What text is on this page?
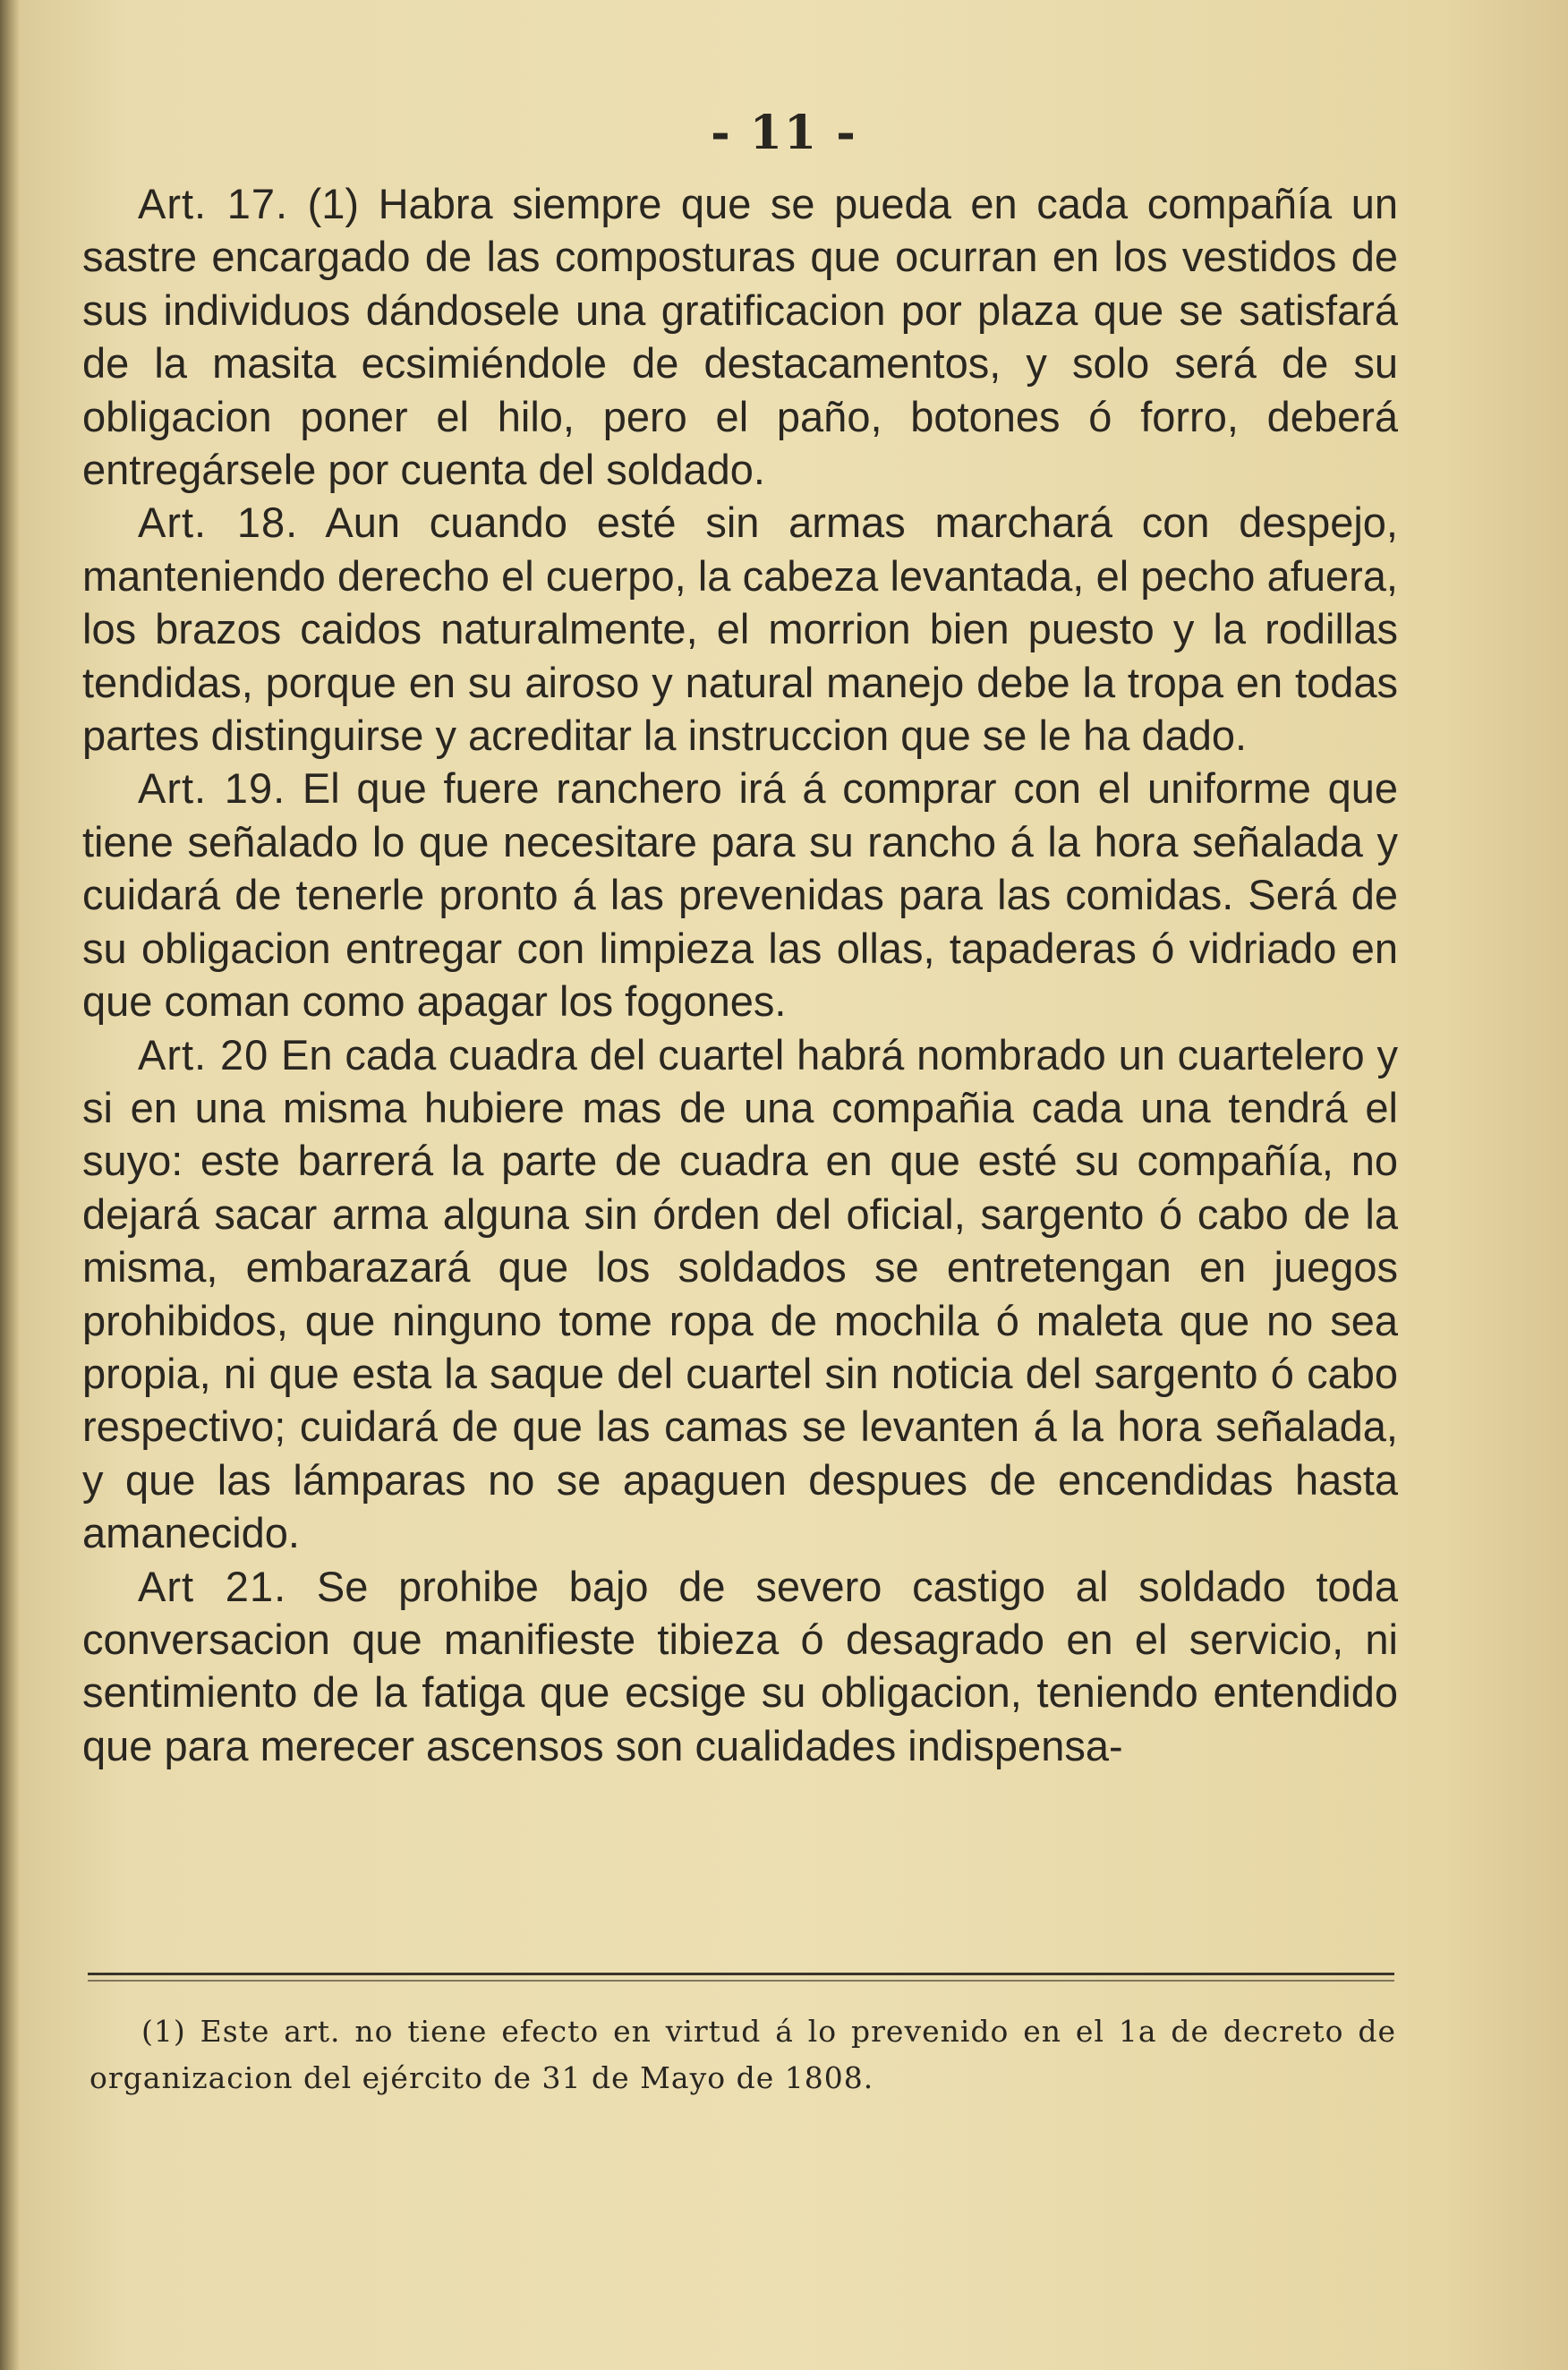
- 11 -

Art. 17. (1) Habra siempre que se pueda en cada compañía un sastre encargado de las composturas que ocurran en los vestidos de sus individuos dándosele una gratificacion por plaza que se satisfará de la masita ecsimiéndole de destacamentos, y solo será de su obligacion poner el hilo, pero el paño, botones ó forro, deberá entregársele por cuenta del soldado.

Art. 18. Aun cuando esté sin armas marchará con despejo, manteniendo derecho el cuerpo, la cabeza levantada, el pecho afuera, los brazos caidos naturalmente, el morrion bien puesto y la rodillas tendidas, porque en su airoso y natural manejo debe la tropa en todas partes distinguirse y acreditar la instruccion que se le ha dado.

Art. 19. El que fuere ranchero irá á comprar con el uniforme que tiene señalado lo que necesitare para su rancho á la hora señalada y cuidará de tenerle pronto á las prevenidas para las comidas. Será de su obligacion entregar con limpieza las ollas, tapaderas ó vidriado en que coman como apagar los fogones.

Art. 20 En cada cuadra del cuartel habrá nombrado un cuartelero y si en una misma hubiere mas de una compañia cada una tendrá el suyo: este barrerá la parte de cuadra en que esté su compañía, no dejará sacar arma alguna sin órden del oficial, sargento ó cabo de la misma, embarazará que los soldados se entretengan en juegos prohibidos, que ninguno tome ropa de mochila ó maleta que no sea propia, ni que esta la saque del cuartel sin noticia del sargento ó cabo respectivo; cuidará de que las camas se levanten á la hora señalada, y que las lámparas no se apaguen despues de encendidas hasta amanecido.

Art 21. Se prohibe bajo de severo castigo al soldado toda conversacion que manifieste tibieza ó desagrado en el servicio, ni sentimiento de la fatiga que ecsige su obligacion, teniendo entendido que para merecer ascensos son cualidades indispensa-

(1) Este art. no tiene efecto en virtud á lo prevenido en el 1a de decreto de organizacion del ejército de 31 de Mayo de 1808.
